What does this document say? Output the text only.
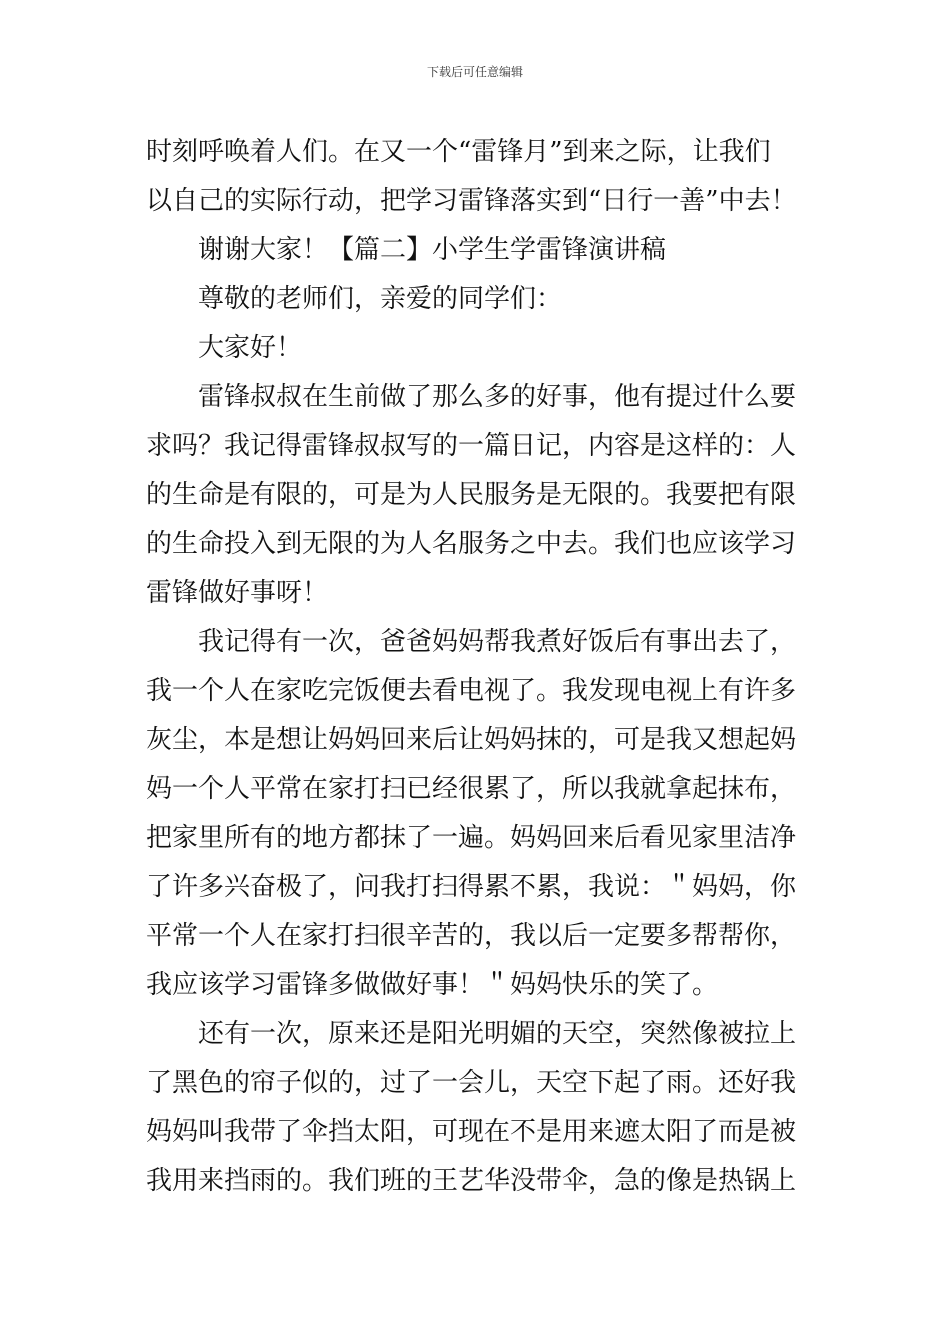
下载后可任意编辑
时刻呼唤着人们。在又一个“雷锋月”到来之际，让我们
以自己的实际行动，把学习雷锋落实到“日行一善”中去！
谢谢大家！【篇二】小学生学雷锋演讲稿
尊敬的老师们，亲爱的同学们：
大家好！
雷锋叔叔在生前做了那么多的好事，他有提过什么要
求吗？我记得雷锋叔叔写的一篇日记，内容是这样的：人
的生命是有限的，可是为人民服务是无限的。我要把有限
的生命投入到无限的为人名服务之中去。我们也应该学习
雷锋做好事呀！
我记得有一次，爸爸妈妈帮我煮好饭后有事出去了，
我一个人在家吃完饭便去看电视了。我发现电视上有许多
灰尘，本是想让妈妈回来后让妈妈抹的，可是我又想起妈
妈一个人平常在家打扫已经很累了，所以我就拿起抹布，
把家里所有的地方都抹了一遍。妈妈回来后看见家里洁净
了许多兴奋极了，问我打扫得累不累，我说：＂妈妈，你
平常一个人在家打扫很辛苦的，我以后一定要多帮帮你，
我应该学习雷锋多做做好事！＂妈妈快乐的笑了。
还有一次，原来还是阳光明媚的天空，突然像被拉上
了黑色的帘子似的，过了一会儿，天空下起了雨。还好我
妈妈叫我带了伞挡太阳，可现在不是用来遮太阳了而是被
我用来挡雨的。我们班的王艺华没带伞，急的像是热锅上
